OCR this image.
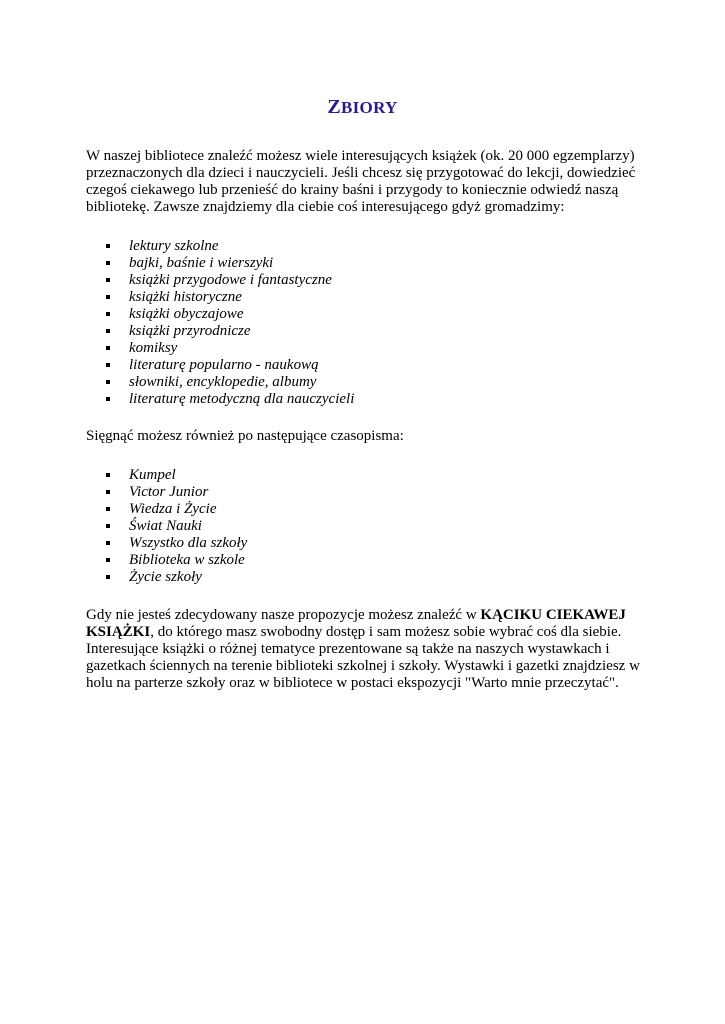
ZBIORY

W naszej bibliotece znaleźć możesz wiele interesujących książek (ok. 20 000 egzemplarzy) przeznaczonych dla dzieci i nauczycieli. Jeśli chcesz się przygotować do lekcji, dowiedzieć czegoś ciekawego lub przenieść do krainy baśni i przygody to koniecznie odwiedź naszą bibliotekę. Zawsze znajdziemy dla ciebie coś interesującego gdyż gromadzimy:

lektury szkolne
bajki, baśnie i wierszyki
książki przygodowe i fantastyczne
książki historyczne
książki obyczajowe
książki przyrodnicze
komiksy
literaturę popularno - naukową
słowniki, encyklopedie, albumy
literaturę metodyczną dla nauczycieli

Sięgnąć możesz również po następujące czasopisma:

Kumpel
Victor Junior
Wiedza i Życie
Świat Nauki
Wszystko dla szkoły
Biblioteka w szkole
Życie szkoły

Gdy nie jesteś zdecydowany nasze propozycje możesz znaleźć w KĄCIKU CIEKAWEJ KSIĄŻKI, do którego masz swobodny dostęp i sam możesz sobie wybrać coś dla siebie. Interesujące książki o różnej tematyce prezentowane są także na naszych wystawkach i gazetkach ściennych na terenie biblioteki szkolnej i szkoły. Wystawki i gazetki znajdziesz w holu na parterze szkoły oraz w bibliotece w postaci ekspozycji "Warto mnie przeczytać".
